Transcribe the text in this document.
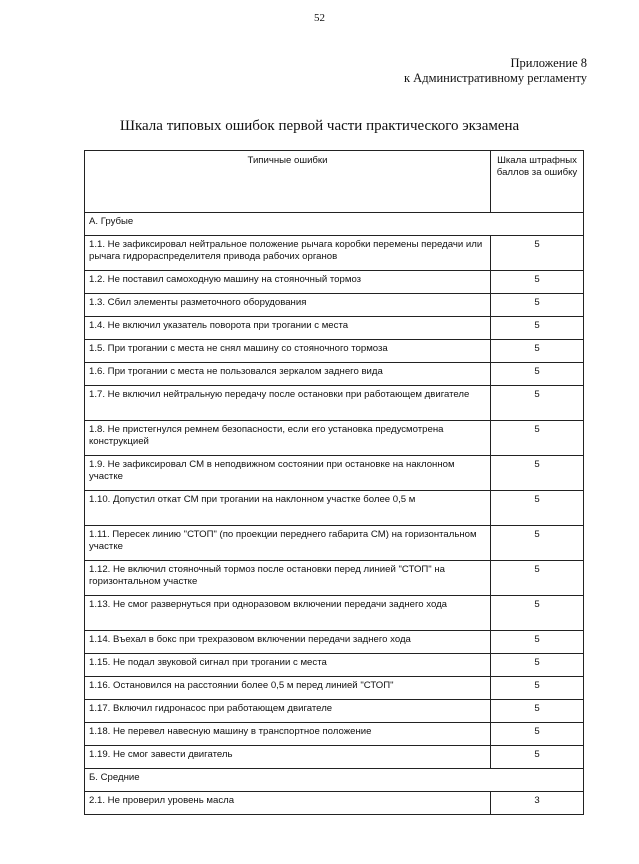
52
Приложение 8
к Административному регламенту
Шкала типовых ошибок первой части практического экзамена
Типичные ошибки	Шкала штрафных баллов за ошибку
А. Грубые	
1.1. Не зафиксировал нейтральное положение рычага коробки перемены передачи или рычага гидрораспределителя привода рабочих органов	5
1.2. Не поставил самоходную машину на стояночный тормоз	5
1.3. Сбил элементы разметочного оборудования	5
1.4. Не включил указатель поворота при трогании с места	5
1.5. При трогании с места не снял машину со стояночного тормоза	5
1.6. При трогании с места не пользовался зеркалом заднего вида	5
1.7. Не включил нейтральную передачу после остановки при работающем двигателе	5
1.8. Не пристегнулся ремнем безопасности, если его установка предусмотрена конструкцией	5
1.9. Не зафиксировал СМ в неподвижном состоянии при остановке на наклонном участке	5
1.10. Допустил откат СМ при трогании на наклонном участке более 0,5 м	5
1.11. Пересек линию "СТОП" (по проекции переднего габарита СМ) на горизонтальном участке	5
1.12. Не включил стояночный тормоз после остановки перед линией "СТОП" на горизонтальном участке	5
1.13. Не смог развернуться при одноразовом включении передачи заднего хода	5
1.14. Въехал в бокс при трехразовом включении передачи заднего хода	5
1.15. Не подал звуковой сигнал при трогании с места	5
1.16. Остановился на расстоянии более 0,5 м перед линией "СТОП"	5
1.17. Включил гидронасос при работающем двигателе	5
1.18. Не перевел навесную машину в транспортное положение	5
1.19. Не смог завести двигатель	5
Б. Средние	
2.1. Не проверил уровень масла	3
